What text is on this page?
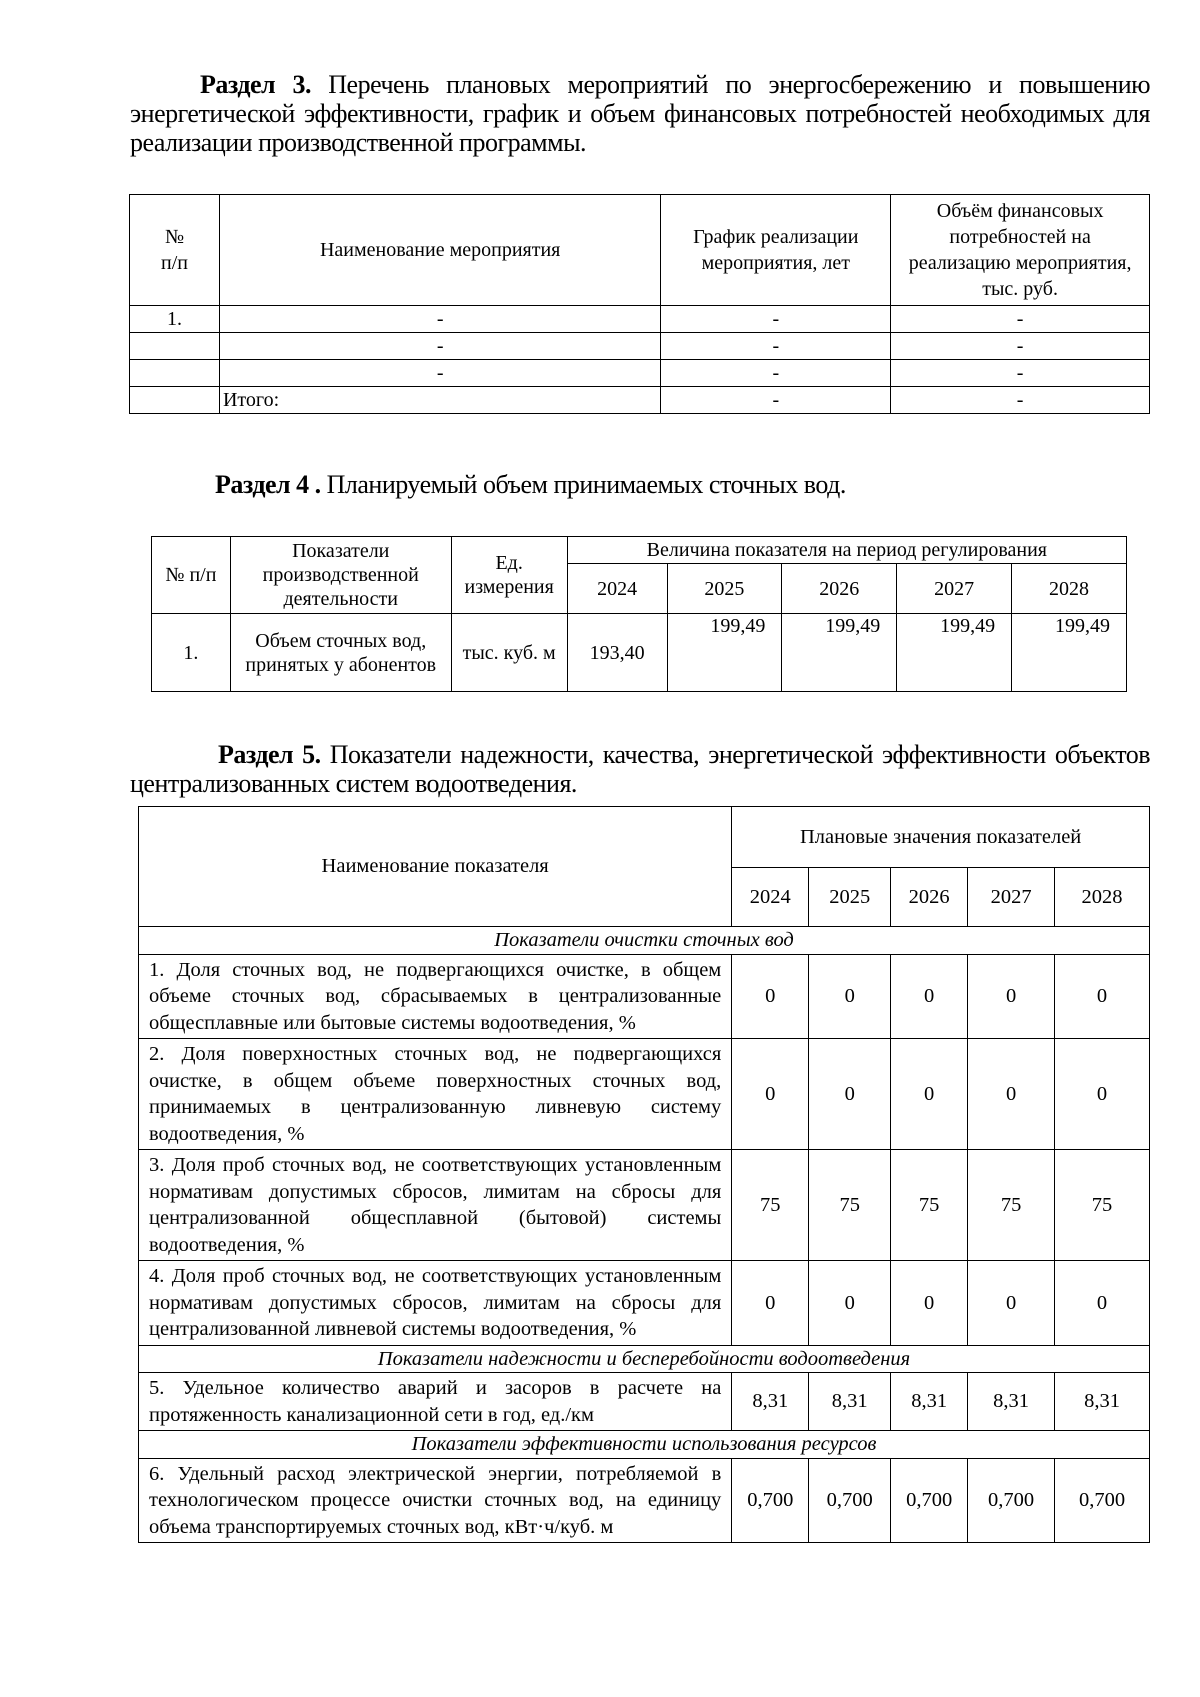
Раздел 3. Перечень плановых мероприятий по энергосбережению и повышению энергетической эффективности, график и объем финансовых потребностей необходимых для реализации производственной программы.
№ п/п	Наименование мероприятия	График реализации мероприятия, лет	Объём финансовых потребностей на реализацию мероприятия, тыс. руб.
1.	-	-	-
	-	-	-
	-	-	-
	Итого:	-	-
Раздел 4 . Планируемый объем принимаемых сточных вод.
№ п/п	Показатели производственной деятельности	Ед. измерения	Величина показателя на период регулирования				
			2024	2025	2026	2027	2028
1.	Объем сточных вод, принятых у абонентов	тыс. куб. м	193,40	199,49	199,49	199,49	199,49
Раздел 5. Показатели надежности, качества, энергетической эффективности объектов централизованных систем водоотведения.
Наименование показателя	Плановые значения показателей				
	2024	2025	2026	2027	2028
Показатели очистки сточных вод					
1. Доля сточных вод, не подвергающихся очистке, в общем объеме сточных вод, сбрасываемых в централизованные общесплавные или бытовые системы водоотведения, %	0	0	0	0	0
2. Доля поверхностных сточных вод, не подвергающихся очистке, в общем объеме поверхностных сточных вод, принимаемых в централизованную ливневую систему водоотведения, %	0	0	0	0	0
3. Доля проб сточных вод, не соответствующих установленным нормативам допустимых сбросов, лимитам на сбросы для централизованной общесплавной (бытовой) системы водоотведения, %	75	75	75	75	75
4. Доля проб сточных вод, не соответствующих установленным нормативам допустимых сбросов, лимитам на сбросы для централизованной ливневой системы водоотведения, %	0	0	0	0	0
Показатели надежности и бесперебойности водоотведения					
5. Удельное количество аварий и засоров в расчете на протяженность канализационной сети в год, ед./км	8,31	8,31	8,31	8,31	8,31
Показатели эффективности использования ресурсов					
6. Удельный расход электрической энергии, потребляемой в технологическом процессе очистки сточных вод, на единицу объема транспортируемых сточных вод, кВт·ч/куб. м	0,700	0,700	0,700	0,700	0,700
